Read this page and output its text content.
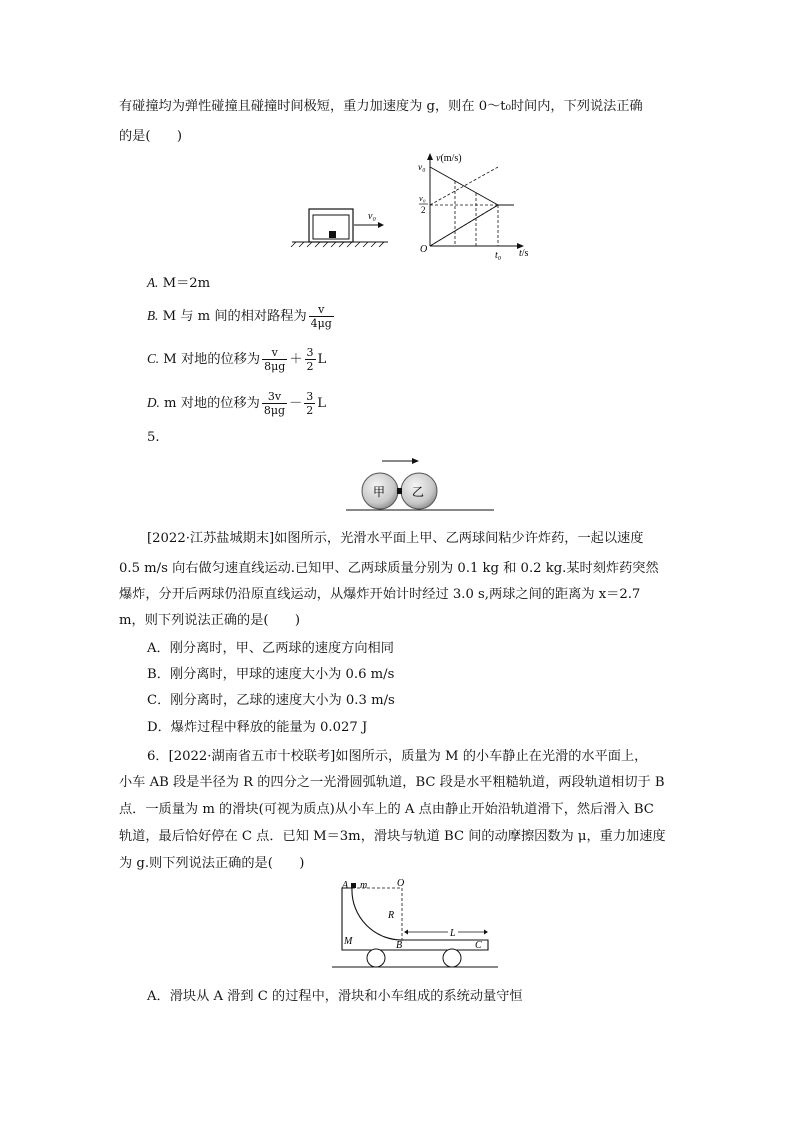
有碰撞均为弹性碰撞且碰撞时间极短，重力加速度为 g，则在 0～t₀时间内，下列说法正确
的是(　　)
v₀
v(m/s)
t/s
v₀
v₀
2
O
t₀
A. M＝2m
B. M 与 m 间的相对路程为 $\frac{v}{4\mu g}$
C. M 对地的位移为 $\frac{v}{8\mu g} + \frac{3}{2}$ L
D. m 对地的位移为 $\frac{3v}{8\mu g} - \frac{3}{2}$ L
5.
甲 乙
[2022·江苏盐城期末]如图所示，光滑水平面上甲、乙两球间粘少许炸药，一起以速度
0.5 m/s 向右做匀速直线运动.已知甲、乙两球质量分别为 0.1 kg 和 0.2 kg.某时刻炸药突然
爆炸，分开后两球仍沿原直线运动，从爆炸开始计时经过 3.0 s,两球之间的距离为 x＝2.7
m，则下列说法正确的是(　　)
A．刚分离时，甲、乙两球的速度方向相同
B．刚分离时，甲球的速度大小为 0.6 m/s
C．刚分离时，乙球的速度大小为 0.3 m/s
D．爆炸过程中释放的能量为 0.027 J
6．[2022·湖南省五市十校联考]如图所示，质量为 M 的小车静止在光滑的水平面上，
小车 AB 段是半径为 R 的四分之一光滑圆弧轨道，BC 段是水平粗糙轨道，两段轨道相切于 B
点．一质量为 m 的滑块(可视为质点)从小车上的 A 点由静止开始沿轨道滑下，然后滑入 BC
轨道，最后恰好停在 C 点．已知 M＝3m，滑块与轨道 BC 间的动摩擦因数为 μ，重力加速度
为 g.则下列说法正确的是(　　)
A m	O
R
M	B
L
C
A．滑块从 A 滑到 C 的过程中，滑块和小车组成的系统动量守恒
